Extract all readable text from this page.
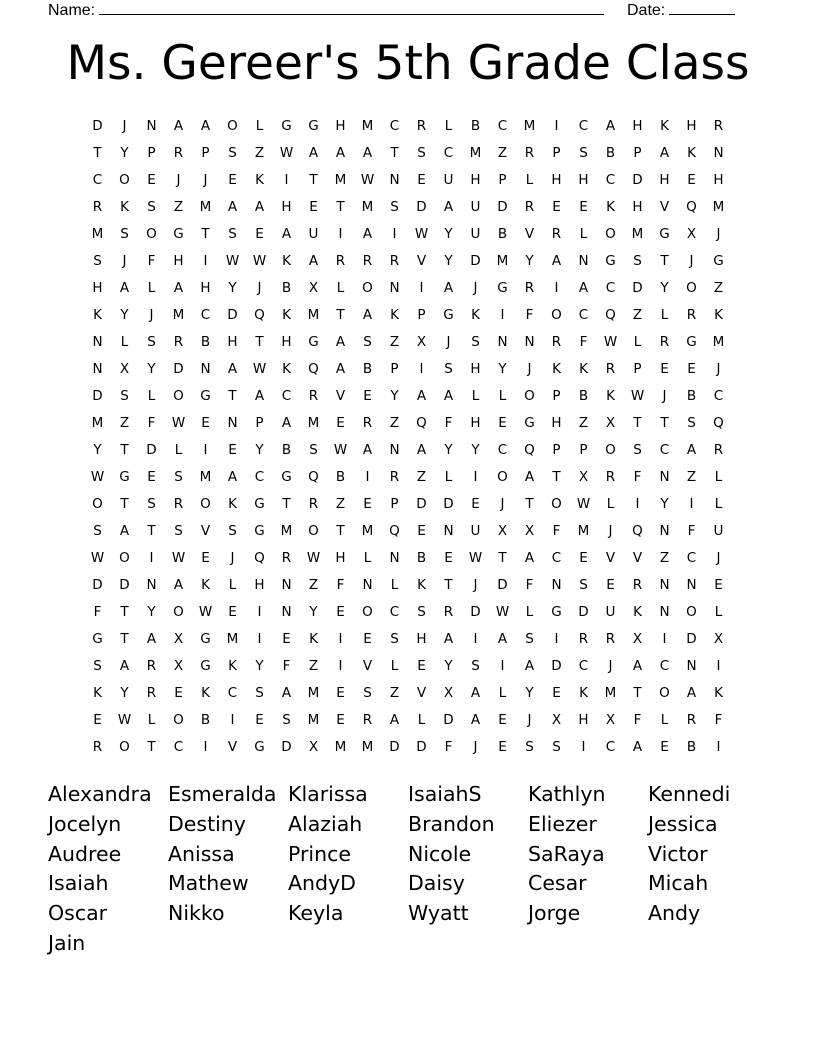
Name:	Date:
Ms. Gereer's 5th Grade Class
D	J	N	A	A	O	L	G	G	H	M	C	R	L	B	C	M	I	C	A	H	K	H	R
T	Y	P	R	P	S	Z	W	A	A	A	T	S	C	M	Z	R	P	S	B	P	A	K	N
C	O	E	J	J	E	K	I	T	M	W	N	E	U	H	P	L	H	H	C	D	H	E	H
R	K	S	Z	M	A	A	H	E	T	M	S	D	A	U	D	R	E	E	K	H	V	Q	M
M	S	O	G	T	S	E	A	U	I	A	I	W	Y	U	B	V	R	L	O	M	G	X	J
S	J	F	H	I	W	W	K	A	R	R	R	V	Y	D	M	Y	A	N	G	S	T	J	G
H	A	L	A	H	Y	J	B	X	L	O	N	I	A	J	G	R	I	A	C	D	Y	O	Z
K	Y	J	M	C	D	Q	K	M	T	A	K	P	G	K	I	F	O	C	Q	Z	L	R	K
N	L	S	R	B	H	T	H	G	A	S	Z	X	J	S	N	N	R	F	W	L	R	G	M
N	X	Y	D	N	A	W	K	Q	A	B	P	I	S	H	Y	J	K	K	R	P	E	E	J
D	S	L	O	G	T	A	C	R	V	E	Y	A	A	L	L	O	P	B	K	W	J	B	C
M	Z	F	W	E	N	P	A	M	E	R	Z	Q	F	H	E	G	H	Z	X	T	T	S	Q
Y	T	D	L	I	E	Y	B	S	W	A	N	A	Y	Y	C	Q	P	P	O	S	C	A	R
W	G	E	S	M	A	C	G	Q	B	I	R	Z	L	I	O	A	T	X	R	F	N	Z	L
O	T	S	R	O	K	G	T	R	Z	E	P	D	D	E	J	T	O	W	L	I	Y	I	L
S	A	T	S	V	S	G	M	O	T	M	Q	E	N	U	X	X	F	M	J	Q	N	F	U
W	O	I	W	E	J	Q	R	W	H	L	N	B	E	W	T	A	C	E	V	V	Z	C	J
D	D	N	A	K	L	H	N	Z	F	N	L	K	T	J	D	F	N	S	E	R	N	N	E
F	T	Y	O	W	E	I	N	Y	E	O	C	S	R	D	W	L	G	D	U	K	N	O	L
G	T	A	X	G	M	I	E	K	I	E	S	H	A	I	A	S	I	R	R	X	I	D	X
S	A	R	X	G	K	Y	F	Z	I	V	L	E	Y	S	I	A	D	C	J	A	C	N	I
K	Y	R	E	K	C	S	A	M	E	S	Z	V	X	A	L	Y	E	K	M	T	O	A	K
E	W	L	O	B	I	E	S	M	E	R	A	L	D	A	E	J	X	H	X	F	L	R	F
R	O	T	C	I	V	G	D	X	M	M	D	D	F	J	E	S	S	I	C	A	E	B	I
Alexandra Esmeralda Klarissa	IsaiahS	Kathlyn	Kennedi
Jocelyn	Destiny	Alaziah	Brandon	Eliezer	Jessica
Audree	Anissa	Prince	Nicole	SaRaya	Victor
Isaiah	Mathew	AndyD	Daisy	Cesar	Micah
Oscar	Nikko	Keyla	Wyatt	Jorge	Andy
Jain
